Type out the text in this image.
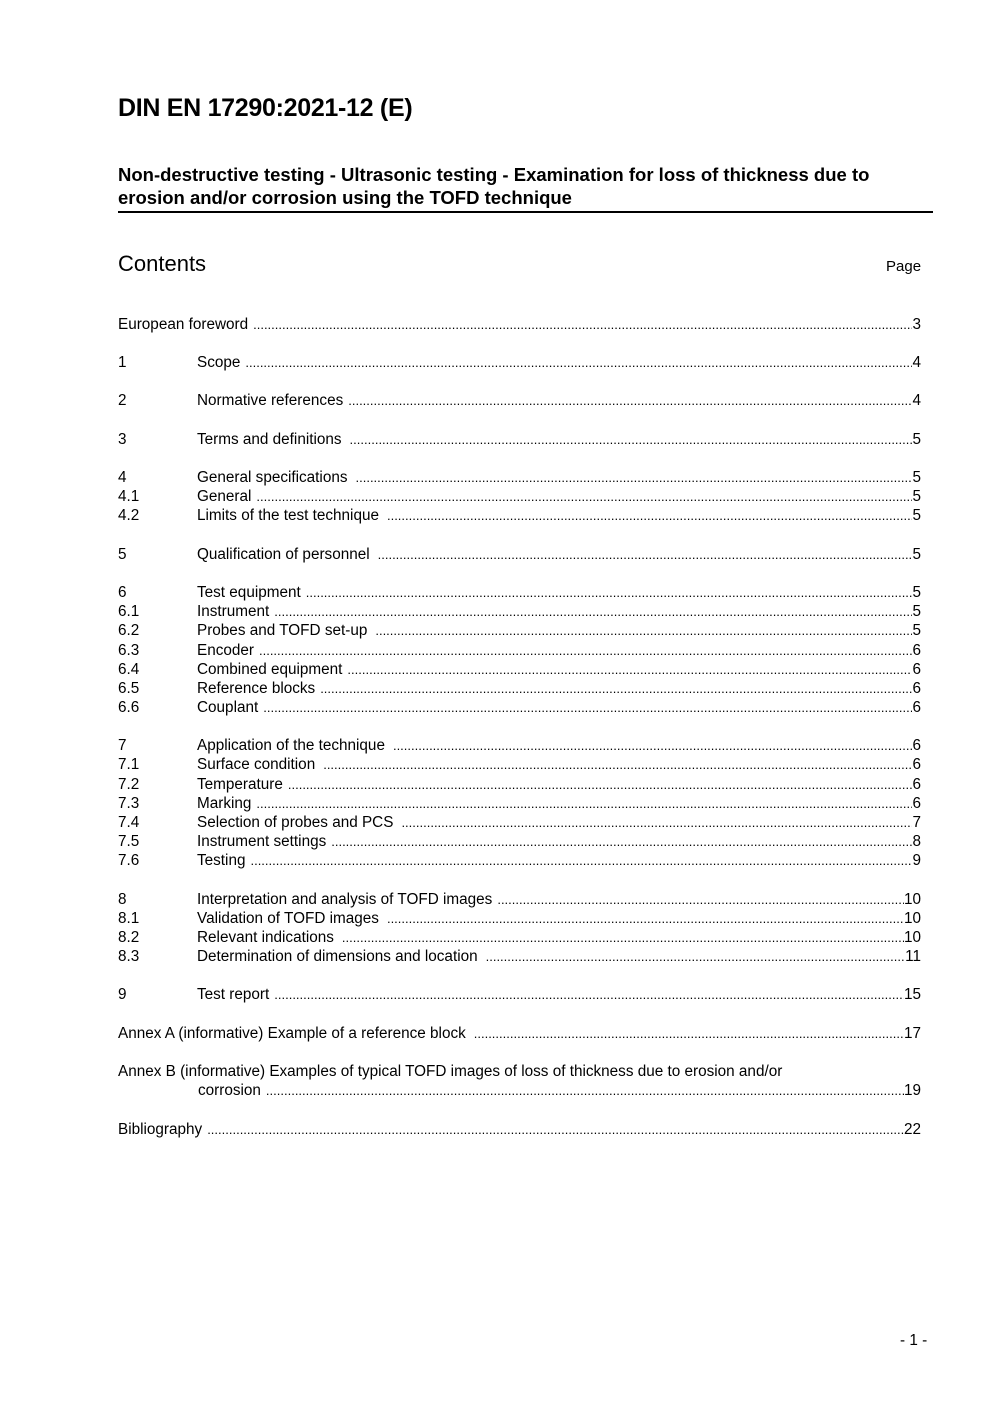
DIN EN 17290:2021-12 (E)
Non-destructive testing - Ultrasonic testing - Examination for loss of thickness due to erosion and/or corrosion using the TOFD technique
Contents	Page
European foreword .....	3
1	Scope .....	4
2	Normative references .....	4
3	Terms and definitions .....	5
4	General specifications .....	5
4.1	General .....	5
4.2	Limits of the test technique .....	5
5	Qualification of personnel .....	5
6	Test equipment .....	5
6.1	Instrument .....	5
6.2	Probes and TOFD set-up .....	5
6.3	Encoder .....	6
6.4	Combined equipment .....	6
6.5	Reference blocks .....	6
6.6	Couplant .....	6
7	Application of the technique .....	6
7.1	Surface condition .....	6
7.2	Temperature .....	6
7.3	Marking .....	6
7.4	Selection of probes and PCS .....	7
7.5	Instrument settings .....	8
7.6	Testing .....	9
8	Interpretation and analysis of TOFD images .....	10
8.1	Validation of TOFD images .....	10
8.2	Relevant indications .....	10
8.3	Determination of dimensions and location .....	11
9	Test report .....	15
Annex A (informative) Example of a reference block .....	17
Annex B (informative) Examples of typical TOFD images of loss of thickness due to erosion and/or
corrosion .....	19
Bibliography .....	22
- 1 -
